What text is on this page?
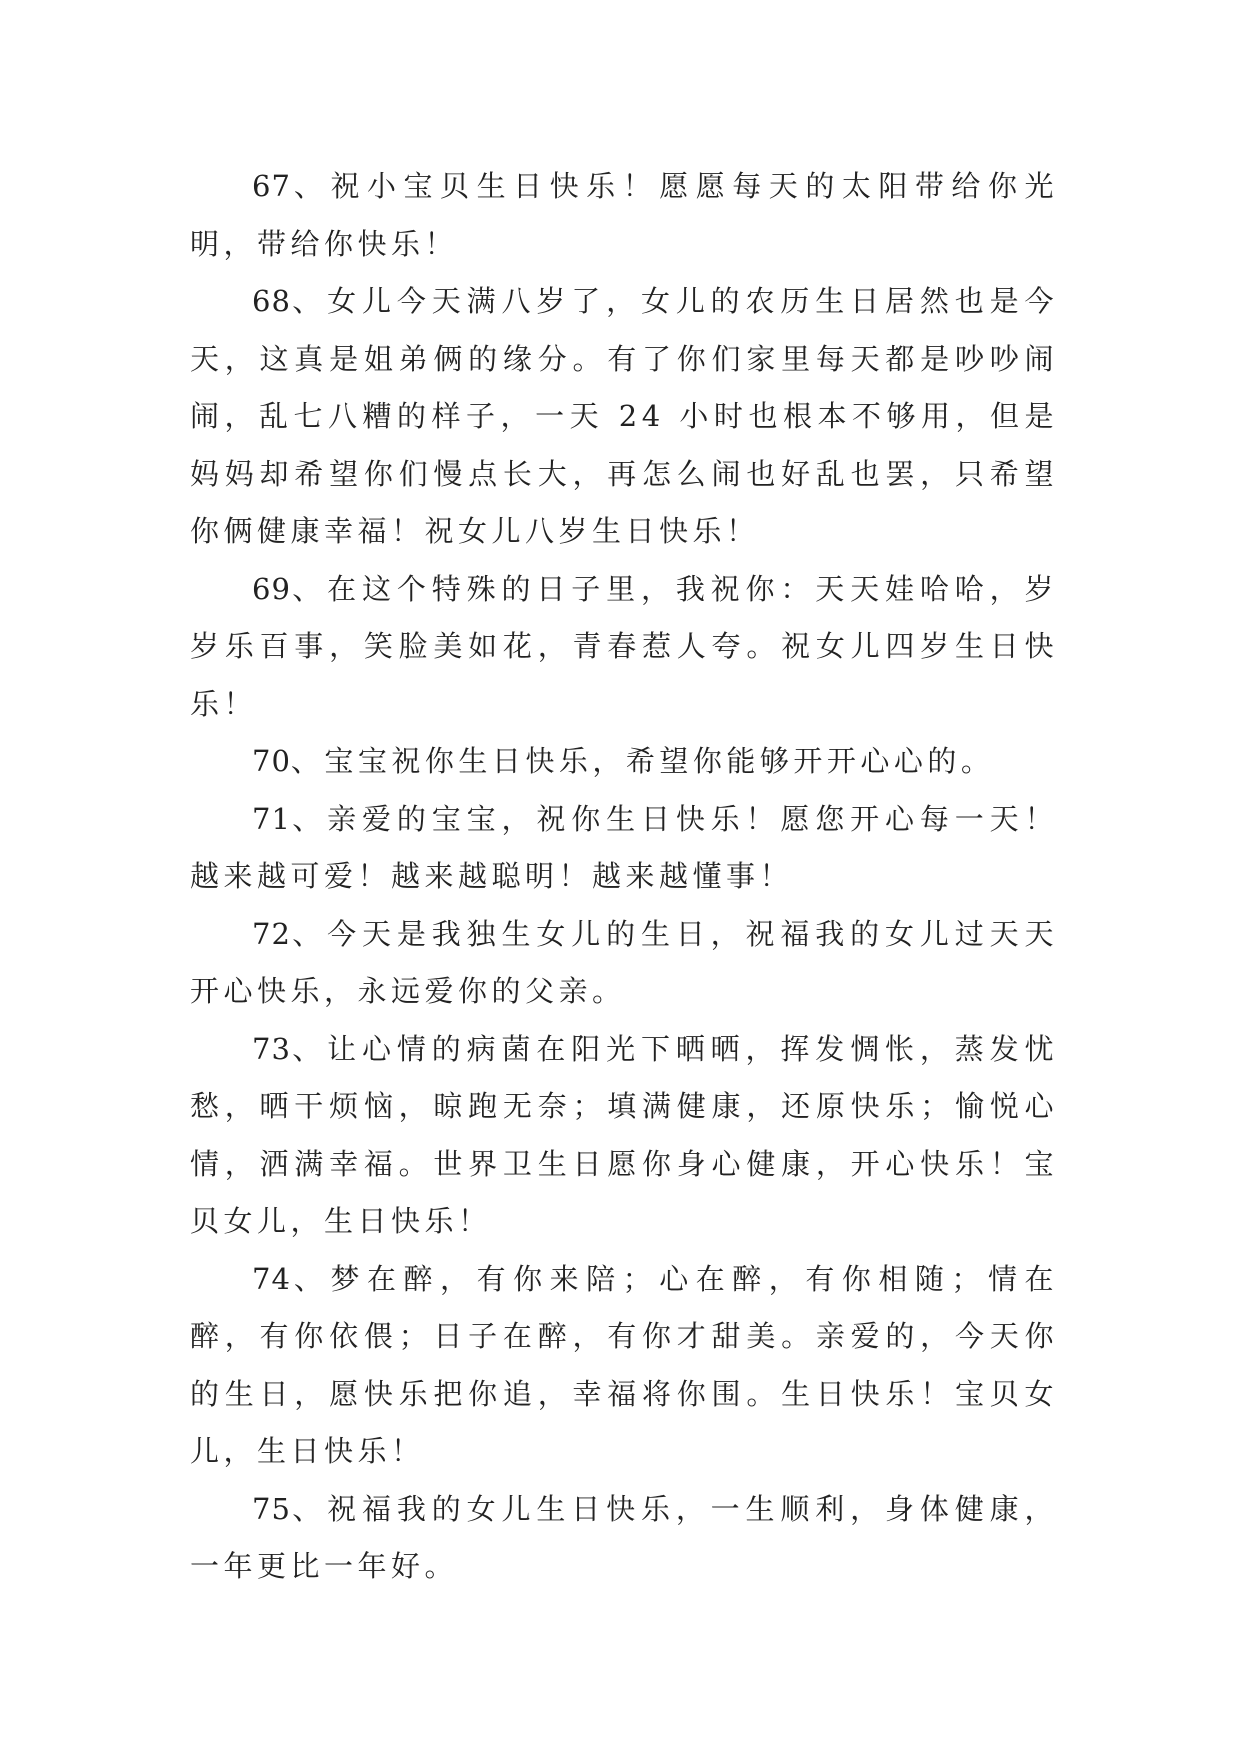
67、祝小宝贝生日快乐！愿愿每天的太阳带给你光明，带给你快乐！

68、女儿今天满八岁了，女儿的农历生日居然也是今天，这真是姐弟俩的缘分。有了你们家里每天都是吵吵闹闹，乱七八糟的样子，一天 24 小时也根本不够用，但是妈妈却希望你们慢点长大，再怎么闹也好乱也罢，只希望你俩健康幸福！祝女儿八岁生日快乐！

69、在这个特殊的日子里，我祝你：天天娃哈哈，岁岁乐百事，笑脸美如花，青春惹人夸。祝女儿四岁生日快乐！

70、宝宝祝你生日快乐，希望你能够开开心心的。

71、亲爱的宝宝，祝你生日快乐！愿您开心每一天！越来越可爱！越来越聪明！越来越懂事！

72、今天是我独生女儿的生日，祝福我的女儿过天天开心快乐，永远爱你的父亲。

73、让心情的病菌在阳光下晒晒，挥发惆怅，蒸发忧愁，晒干烦恼，晾跑无奈；填满健康，还原快乐；愉悦心情，洒满幸福。世界卫生日愿你身心健康，开心快乐！宝贝女儿，生日快乐！

74、梦在醉，有你来陪；心在醉，有你相随；情在醉，有你依偎；日子在醉，有你才甜美。亲爱的，今天你的生日，愿快乐把你追，幸福将你围。生日快乐！宝贝女儿，生日快乐！

75、祝福我的女儿生日快乐，一生顺利，身体健康，一年更比一年好。
